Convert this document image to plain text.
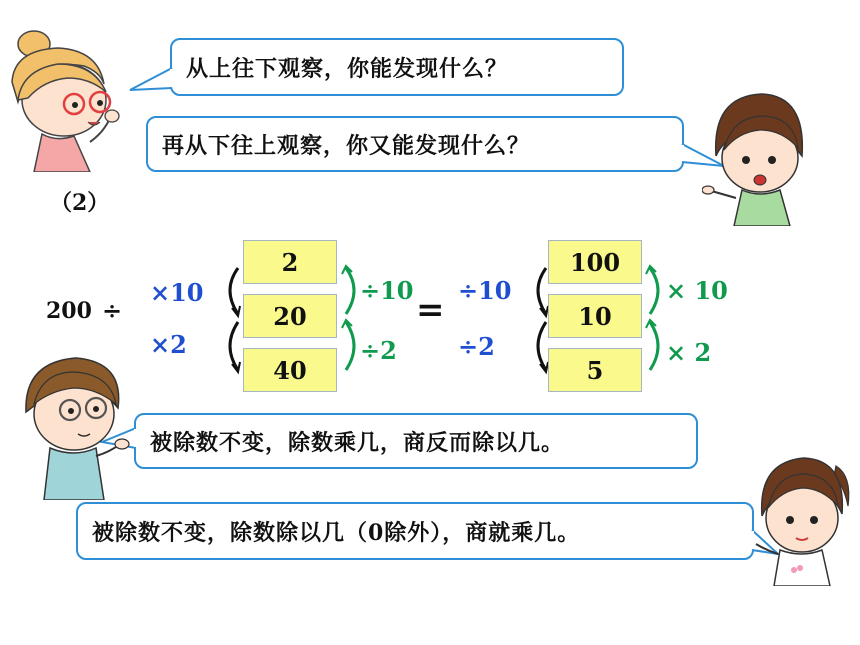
从上往下观察，你能发现什么？
再从下往上观察，你又能发现什么？
被除数不变，除数乘几，商反而除以几。
被除数不变，除数除以几（0除外），商就乘几。
（2）
200 ÷
×10
×2
2
20
40
÷10
÷2
= ÷10
÷2
100
10
5
× 10
× 2
